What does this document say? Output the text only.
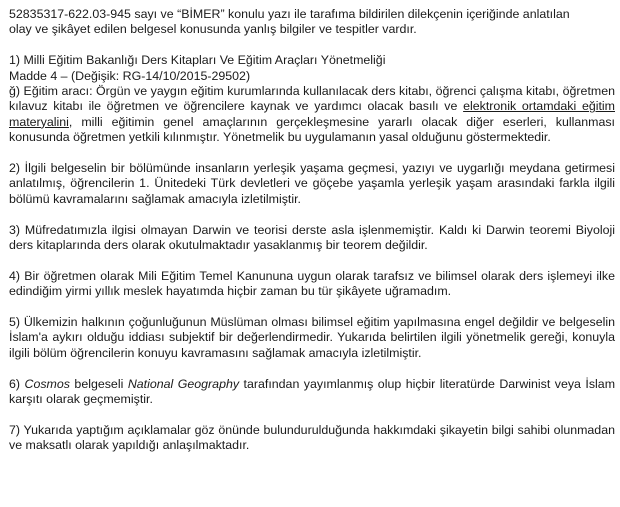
52835317-622.03-945 sayı ve “BİMER” konulu yazı ile tarafıma bildirilen dilekçenin içeriğinde anlatılan

olay ve şikâyet edilen belgesel konusunda yanlış bilgiler ve tespitler vardır.

1) Milli Eğitim Bakanlığı Ders Kitapları Ve Eğitim Araçları Yönetmeliği

Madde 4 – (Değişik: RG-14/10/2015-29502)

ğ) Eğitim aracı: Örgün ve yaygın eğitim kurumlarında kullanılacak ders kitabı, öğrenci çalışma kitabı, öğretmen kılavuz kitabı ile öğretmen ve öğrencilere kaynak ve yardımcı olacak basılı ve elektronik ortamdaki eğitim materyalini, milli eğitimin genel amaçlarının gerçekleşmesine yararlı olacak diğer eserleri, kullanması konusunda öğretmen yetkili kılınmıştır. Yönetmelik bu uygulamanın yasal olduğunu göstermektedir.

2) İlgili belgeselin bir bölümünde insanların yerleşik yaşama geçmesi, yazıyı ve uygarlığı meydana getirmesi anlatılmış, öğrencilerin 1. Ünitedeki Türk devletleri ve göçebe yaşamla yerleşik yaşam arasındaki farkla ilgili bölümü kavramalarını sağlamak amacıyla izletilmiştir.

3) Müfredatımızla ilgisi olmayan Darwin ve teorisi derste asla işlenmemiştir. Kaldı ki Darwin teoremi Biyoloji ders kitaplarında ders olarak okutulmaktadır yasaklanmış bir teorem değildir.

4) Bir öğretmen olarak Mili Eğitim Temel Kanununa uygun olarak tarafsız ve bilimsel olarak ders işlemeyi ilke edindiğim yirmi yıllık meslek hayatımda hiçbir zaman bu tür şikâyete uğramadım.

5) Ülkemizin halkının çoğunluğunun Müslüman olması bilimsel eğitim yapılmasına engel değildir ve belgeselin İslam'a aykırı olduğu iddiası subjektif bir değerlendirmedir. Yukarıda belirtilen ilgili yönetmelik gereği, konuyla ilgili bölüm öğrencilerin konuyu kavramasını sağlamak amacıyla izletilmiştir.

6) Cosmos belgeseli National Geography tarafından yayımlanmış olup hiçbir literatürde Darwinist veya İslam karşıtı olarak geçmemiştir.

7) Yukarıda yaptığım açıklamalar göz önünde bulundurulduğunda hakkımdaki şikayetin bilgi sahibi olunmadan ve maksatlı olarak yapıldığı anlaşılmaktadır.
